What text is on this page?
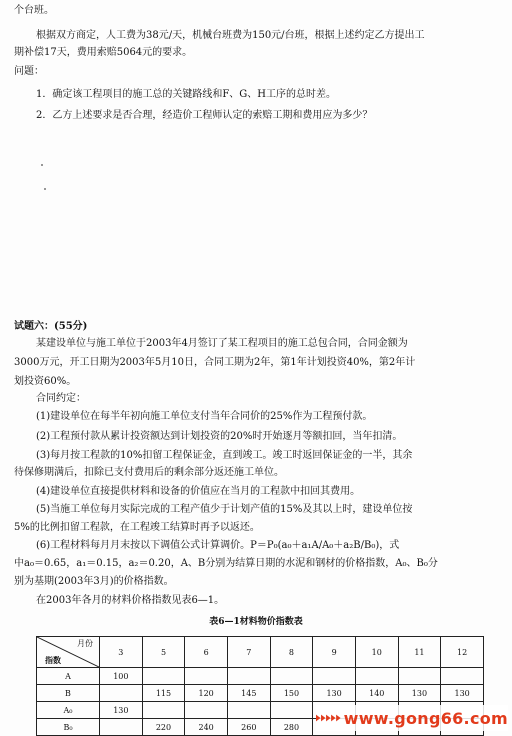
个台班。
根据双方商定，人工费为38元/天，机械台班费为150元/台班，根据上述约定乙方提出工
期补偿17天，费用索赔5064元的要求。
问题：
1．确定该工程项目的施工总的关键路线和F、G、H工序的总时差。
2．乙方上述要求是否合理，经造价工程师认定的索赔工期和费用应为多少？
试题六：(55分)
某建设单位与施工单位于2003年4月签订了某工程项目的施工总包合同，合同金额为
3000万元，开工日期为2003年5月10日，合同工期为2年，第1年计划投资40%，第2年计
划投资60%。
合同约定：
(1)建设单位在每半年初向施工单位支付当年合同价的25%作为工程预付款。
(2)工程预付款从累计投资额达到计划投资的20%时开始逐月等额扣回，当年扣清。
(3)每月按工程款的10%扣留工程保证金，直到竣工。竣工时返回保证金的一半，其余
待保修期满后，扣除已支付费用后的剩余部分返还施工单位。
(4)建设单位直接提供材料和设备的价值应在当月的工程款中扣回其费用。
(5)当施工单位每月实际完成的工程产值少于计划产值的15%及其以上时，建设单位按
5%的比例扣留工程款，在工程竣工结算时再予以返还。
(6)工程材料每月月末按以下调值公式计算调价。P＝P₀(a₀＋a₁A/A₀＋a₂B/B₀)，式
中a₀＝0.65，a₁＝0.15，a₂＝0.20，A、B分别为结算日期的水泥和钢材的价格指数，A₀、B₀分
别为基期(2003年3月)的价格指数。
在2003年各月的材料价格指数见表6—1。
表6—1材料物价指数表
月份
指数	3	5	6	7	8	9	10	11	12
A	100								
B		115	120	145	150	130	140	130	130
A₀	130								
B₀		220	240	260	280					www.gong66.com
